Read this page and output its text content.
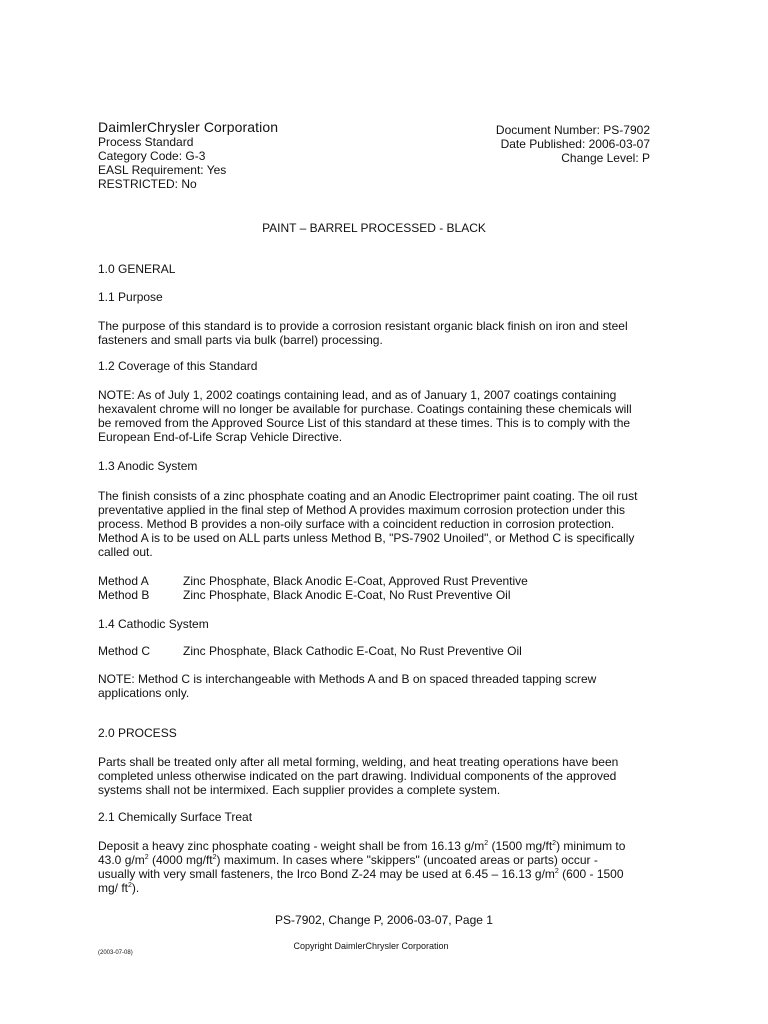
DaimlerChrysler Corporation
Process Standard
Category Code: G-3
EASL Requirement: Yes
RESTRICTED: No
Document Number: PS-7902
Date Published: 2006-03-07
Change Level: P
PAINT – BARREL PROCESSED - BLACK
1.0 GENERAL
1.1 Purpose
The purpose of this standard is to provide a corrosion resistant organic black finish on iron and steel fasteners and small parts via bulk (barrel) processing.
1.2 Coverage of this Standard
NOTE: As of July 1, 2002 coatings containing lead, and as of January 1, 2007 coatings containing hexavalent chrome will no longer be available for purchase. Coatings containing these chemicals will be removed from the Approved Source List of this standard at these times. This is to comply with the European End-of-Life Scrap Vehicle Directive.
1.3 Anodic System
The finish consists of a zinc phosphate coating and an Anodic Electroprimer paint coating. The oil rust preventative applied in the final step of Method A provides maximum corrosion protection under this process. Method B provides a non-oily surface with a coincident reduction in corrosion protection. Method A is to be used on ALL parts unless Method B, "PS-7902 Unoiled", or Method C is specifically called out.
Method A	Zinc Phosphate, Black Anodic E-Coat, Approved Rust Preventive
Method B	Zinc Phosphate, Black Anodic E-Coat, No Rust Preventive Oil
1.4 Cathodic System
Method C	Zinc Phosphate, Black Cathodic E-Coat, No Rust Preventive Oil
NOTE: Method C is interchangeable with Methods A and B on spaced threaded tapping screw applications only.
2.0 PROCESS
Parts shall be treated only after all metal forming, welding, and heat treating operations have been completed unless otherwise indicated on the part drawing. Individual components of the approved systems shall not be intermixed. Each supplier provides a complete system.
2.1 Chemically Surface Treat
Deposit a heavy zinc phosphate coating - weight shall be from 16.13 $g/m^2$ (1500 $mg/ft^2$) minimum to 43.0 $g/m^2$ (4000 $mg/ft^2$) maximum. In cases where "skippers" (uncoated areas or parts) occur - usually with very small fasteners, the Irco Bond Z-24 may be used at 6.45 – 16.13 $g/m^2$ (600 - 1500 mg/ $ft^2$).
PS-7902, Change P, 2006-03-07, Page 1
Copyright DaimlerChrysler Corporation
(2003-07-08)
